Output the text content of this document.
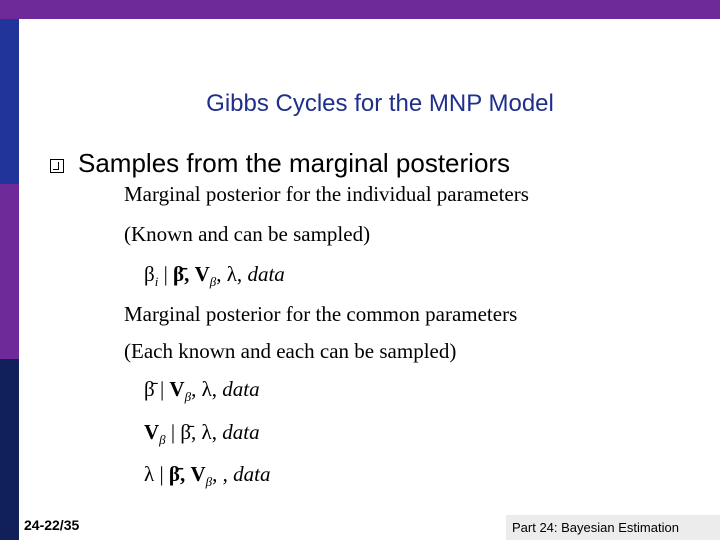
Gibbs Cycles for the MNP Model
Samples from the marginal posteriors
Marginal posterior for the individual parameters
(Known and can be sampled)
$\beta_i$ | β̄, $V_\beta$, λ, data
Marginal posterior for the common parameters
(Each known and each can be sampled)
β̄ | $V_\beta$, λ, data
$V_\beta$ | β̄, λ, data
λ | β̄, $V_\beta$, , data
24-22/35	Part 24: Bayesian Estimation
